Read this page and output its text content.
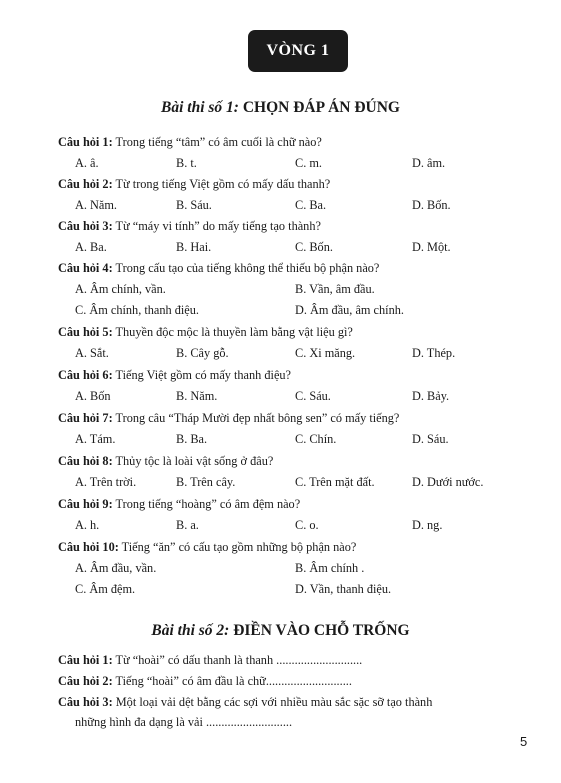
VÒNG 1
Bài thi số 1: CHỌN ĐÁP ÁN ĐÚNG
Câu hỏi 1: Trong tiếng “tâm” có âm cuối là chữ nào?
A. â.	B. t.	C. m.	D. âm.
Câu hỏi 2: Từ trong tiếng Việt gồm có mấy dấu thanh?
A. Năm.	B. Sáu.	C. Ba.	D. Bốn.
Câu hỏi 3: Từ “máy vi tính” do mấy tiếng tạo thành?
A. Ba.	B. Hai.	C. Bốn.	D. Một.
Câu hỏi 4: Trong cấu tạo của tiếng không thể thiếu bộ phận nào?
A. Âm chính, vần.	B. Vần, âm đầu.
C. Âm chính, thanh điệu.	D. Âm đầu, âm chính.
Câu hỏi 5: Thuyền độc mộc là thuyền làm bằng vật liệu gì?
A. Sắt.	B. Cây gỗ.	C. Xi măng.	D. Thép.
Câu hỏi 6: Tiếng Việt gồm có mấy thanh điệu?
A. Bốn	B. Năm.	C. Sáu.	D. Bảy.
Câu hỏi 7: Trong câu “Tháp Mười đẹp nhất bông sen” có mấy tiếng?
A. Tám.	B. Ba.	C. Chín.	D. Sáu.
Câu hỏi 8: Thủy tộc là loài vật sống ở đâu?
A. Trên trời.	B. Trên cây.	C. Trên mặt đất.	D. Dưới nước.
Câu hỏi 9: Trong tiếng “hoàng” có âm đệm nào?
A. h.	B. a.	C. o.	D. ng.
Câu hỏi 10: Tiếng “ăn” có cấu tạo gồm những bộ phận nào?
A. Âm đầu, vần.	B. Âm chính .
C. Âm đệm.	D. Vần, thanh điệu.
Bài thi số 2: ĐIỀN VÀO CHỖ TRỐNG
Câu hỏi 1: Từ “hoài” có dấu thanh là thanh ............................
Câu hỏi 2: Tiếng “hoài” có âm đầu là chữ............................
Câu hỏi 3: Một loại vải dệt bằng các sợi với nhiều màu sắc sặc sỡ tạo thành
những hình đa dạng là vải ............................
5
